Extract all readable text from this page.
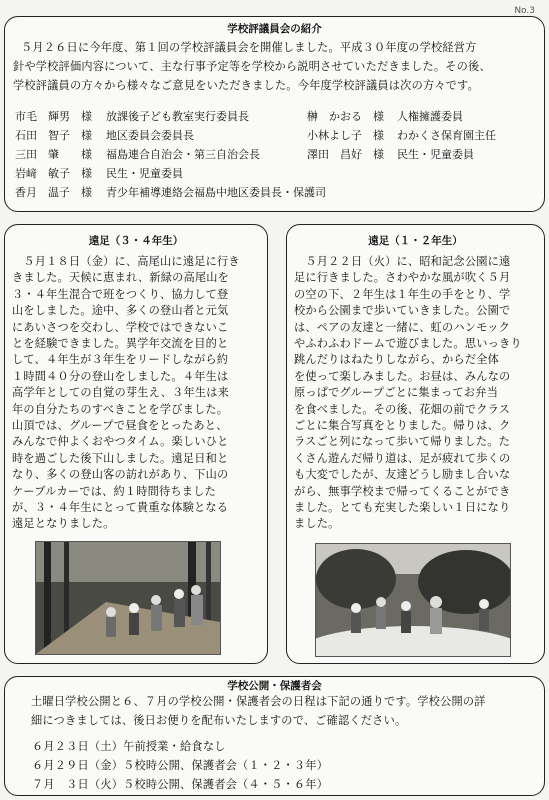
No.3
学校評議員会の紹介
５月２６日に今年度、第１回の学校評議員会を開催しました。平成３０年度の学校経営方
針や学校評価内容について、主な行事予定等を学校から説明させていただきました。その後、
学校評議員の方々から様々なご意見をいただきました。今年度学校評議員は次の方々です。
市毛　輝男 様 放課後子ども教室実行委員長
石田　智子 様 地区委員会委員長
三田　肇 様 福島連合自治会・第三自治会長
岩﨑　敏子 様 民生・児童委員
香月　温子 様 青少年補導連絡会福島中地区委員長・保護司
榊　かおる 様 人権擁護委員
小林よし子 様 わかくさ保育園主任
澤田　昌好 様 民生・児童委員
遠足（３・４年生）
　５月１８日（金）に、高尾山に遠足に行き
きました。天候に恵まれ、新緑の高尾山を
３・４年生混合で班をつくり、協力して登
山をしました。途中、多くの登山者と元気
にあいさつを交わし、学校ではできないこ
とを経験できました。異学年交流を目的と
して、４年生が３年生をリードしながら約
１時間４０分の登山をしました。４年生は
高学年としての自覚の芽生え、３年生は来
年の自分たちのすべきことを学びました。
山頂では、グループで昼食をとったあと、
みんなで仲よくおやつタイム。楽しいひと
時を過ごした後下山しました。遠足日和と
なり、多くの登山客の訪れがあり、下山の
ケーブルカーでは、約１時間待ちました
が、３・４年生にとって貴重な体験となる
遠足となりました。
遠足（１・２年生）
　５月２２日（火）に、昭和記念公園に遠
足に行きました。さわやかな風が吹く５月
の空の下、２年生は１年生の手をとり、学
校から公園まで歩いていきました。公園で
は、ペアの友達と一緒に、虹のハンモック
やふわふわドームで遊びました。思いっきり
跳んだりはねたりしながら、からだ全体
を使って楽しみました。お昼は、みんなの
原っぱでグループごとに集まってお弁当
を食べました。その後、花畑の前でクラス
ごとに集合写真をとりました。帰りは、ク
ラスごと列になって歩いて帰りました。た
くさん遊んだ帰り道は、足が疲れて歩くの
も大変でしたが、友達どうし励まし合いな
がら、無事学校まで帰ってくることができ
ました。とても充実した楽しい１日になり
ました。
学校公開・保護者会
土曜日学校公開と６、７月の学校公開・保護者会の日程は下記の通りです。学校公開の詳
細につきましては、後日お便りを配布いたしますので、ご確認ください。
６月２３日（土）午前授業・給食なし
６月２９日（金）５校時公開、保護者会（１・２・３年）
７月　３日（火）５校時公開、保護者会（４・５・６年）
